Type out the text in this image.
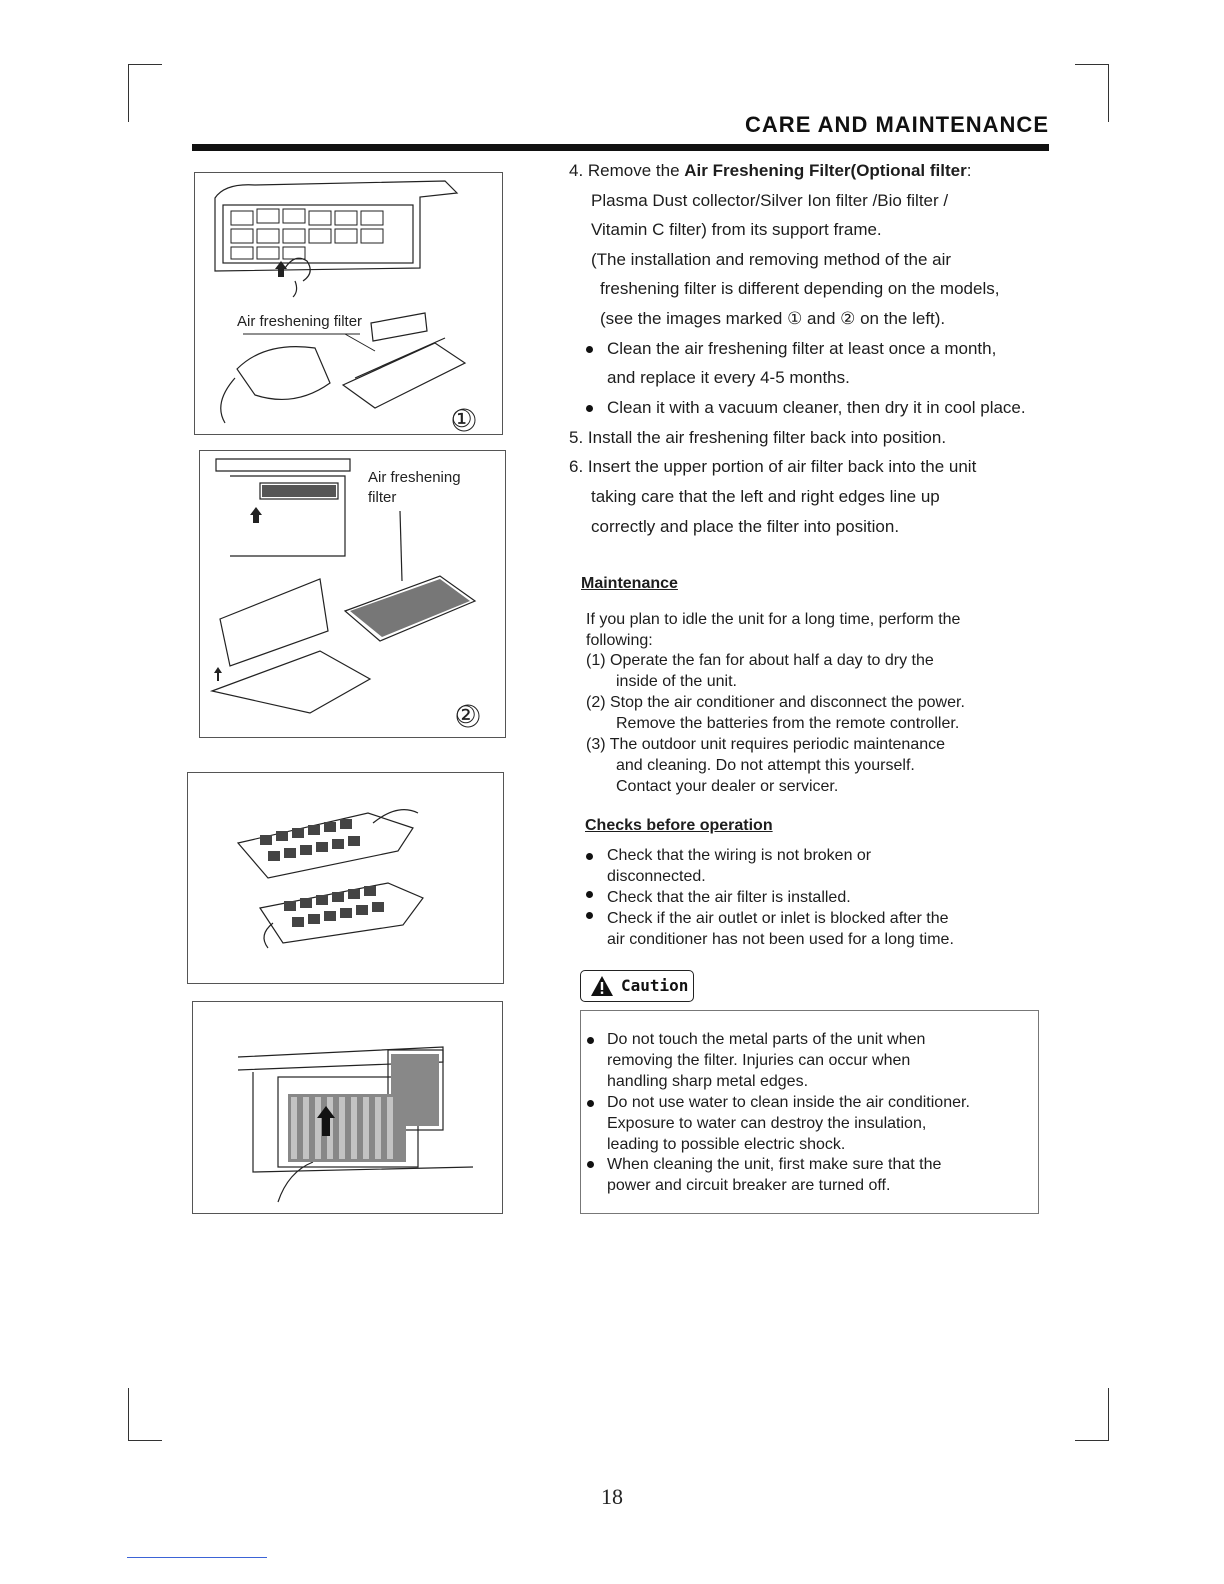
CARE AND MAINTENANCE
Air freshening filter
①
Air freshening
filter
②
4. Remove the Air Freshening Filter(Optional filter:
Plasma Dust collector/Silver Ion filter /Bio filter /
Vitamin C filter) from its support frame.
(The installation and removing method of the air
freshening filter is different depending on the models,
(see the images marked ① and ② on the left).
Clean the air freshening filter at least once a month,
and replace it every 4-5 months.
Clean it with a vacuum cleaner, then dry it in cool place.
5. Install the air freshening filter back into position.
6. Insert the upper portion of air filter back into the unit
taking care that the left and right edges line up
correctly and place the filter into position.
Maintenance
If you plan to idle the unit for a long time, perform the
following:
(1) Operate the fan for about half a day to dry the
inside of the unit.
(2) Stop the air conditioner and disconnect the power.
Remove the batteries from the remote controller.
(3) The outdoor unit requires periodic maintenance
and cleaning. Do not attempt this yourself.
Contact your dealer or servicer.
Checks before operation
Check that the wiring is not broken or
disconnected.
Check that the air filter is installed.
Check if the air outlet or inlet is blocked after the
air conditioner has not been used for a long time.
Caution
Do not touch the metal parts of the unit when
removing the filter. Injuries can occur when
handling sharp metal edges.
Do not use water to clean inside the air conditioner.
Exposure to water can destroy the insulation,
leading to possible electric shock.
When cleaning the unit, first make sure that the
power and circuit breaker are turned off.
18
